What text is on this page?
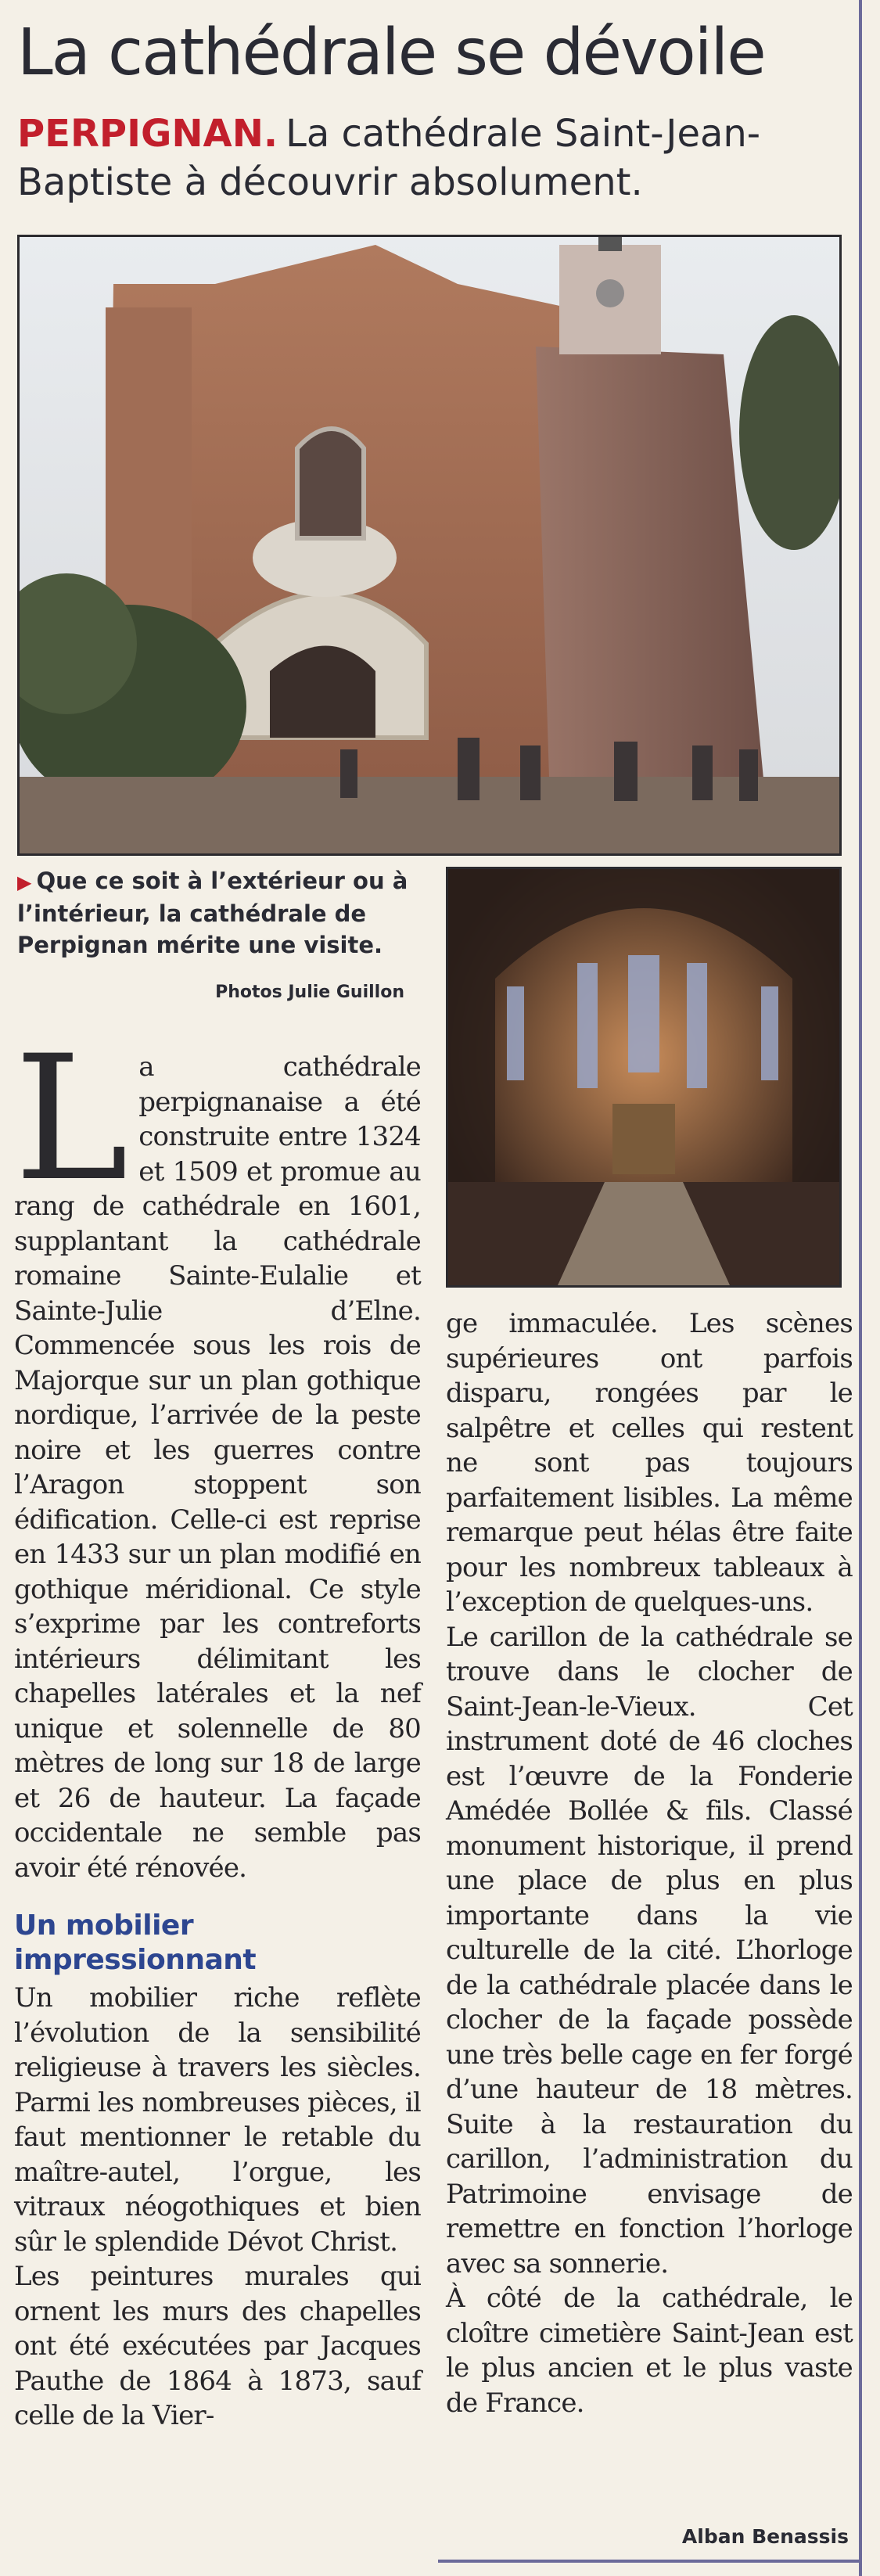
La cathédrale se dévoile
PERPIGNAN. La cathédrale Saint-Jean-Baptiste à découvrir absolument.
▶ Que ce soit à l’extérieur ou à l’intérieur, la cathédrale de Perpignan mérite une visite.
Photos Julie Guillon
L a cathédrale perpignanaise a été construite entre 1324 et 1509 et promue au rang de cathédrale en 1601, supplantant la cathédrale romaine Sainte-Eulalie et Sainte-Julie d’Elne. Commencée sous les rois de Majorque sur un plan gothique nordique, l’arrivée de la peste noire et les guerres contre l’Aragon stoppent son édification. Celle-ci est reprise en 1433 sur un plan modifié en gothique méridional. Ce style s’exprime par les contreforts intérieurs délimitant les chapelles latérales et la nef unique et solennelle de 80 mètres de long sur 18 de large et 26 de hauteur. La façade occidentale ne semble pas avoir été rénovée.

Un mobilier impressionnant

Un mobilier riche reflète l’évolution de la sensibilité religieuse à travers les siècles. Parmi les nombreuses pièces, il faut mentionner le retable du maître-autel, l’orgue, les vitraux néogothiques et bien sûr le splendide Dévot Christ.

Les peintures murales qui ornent les murs des chapelles ont été exécutées par Jacques Pauthe de 1864 à 1873, sauf celle de la Vier-

ge immaculée. Les scènes supérieures ont parfois disparu, rongées par le salpêtre et celles qui restent ne sont pas toujours parfaitement lisibles. La même remarque peut hélas être faite pour les nombreux tableaux à l’exception de quelques-uns.

Le carillon de la cathédrale se trouve dans le clocher de Saint-Jean-le-Vieux. Cet instrument doté de 46 cloches est l’œuvre de la Fonderie Amédée Bollée & fils. Classé monument historique, il prend une place de plus en plus importante dans la vie culturelle de la cité. L’horloge de la cathédrale placée dans le clocher de la façade possède une très belle cage en fer forgé d’une hauteur de 18 mètres. Suite à la restauration du carillon, l’administration du Patrimoine envisage de remettre en fonction l’horloge avec sa sonnerie.

À côté de la cathédrale, le cloître cimetière Saint-Jean est le plus ancien et le plus vaste de France.

Alban Benassis
